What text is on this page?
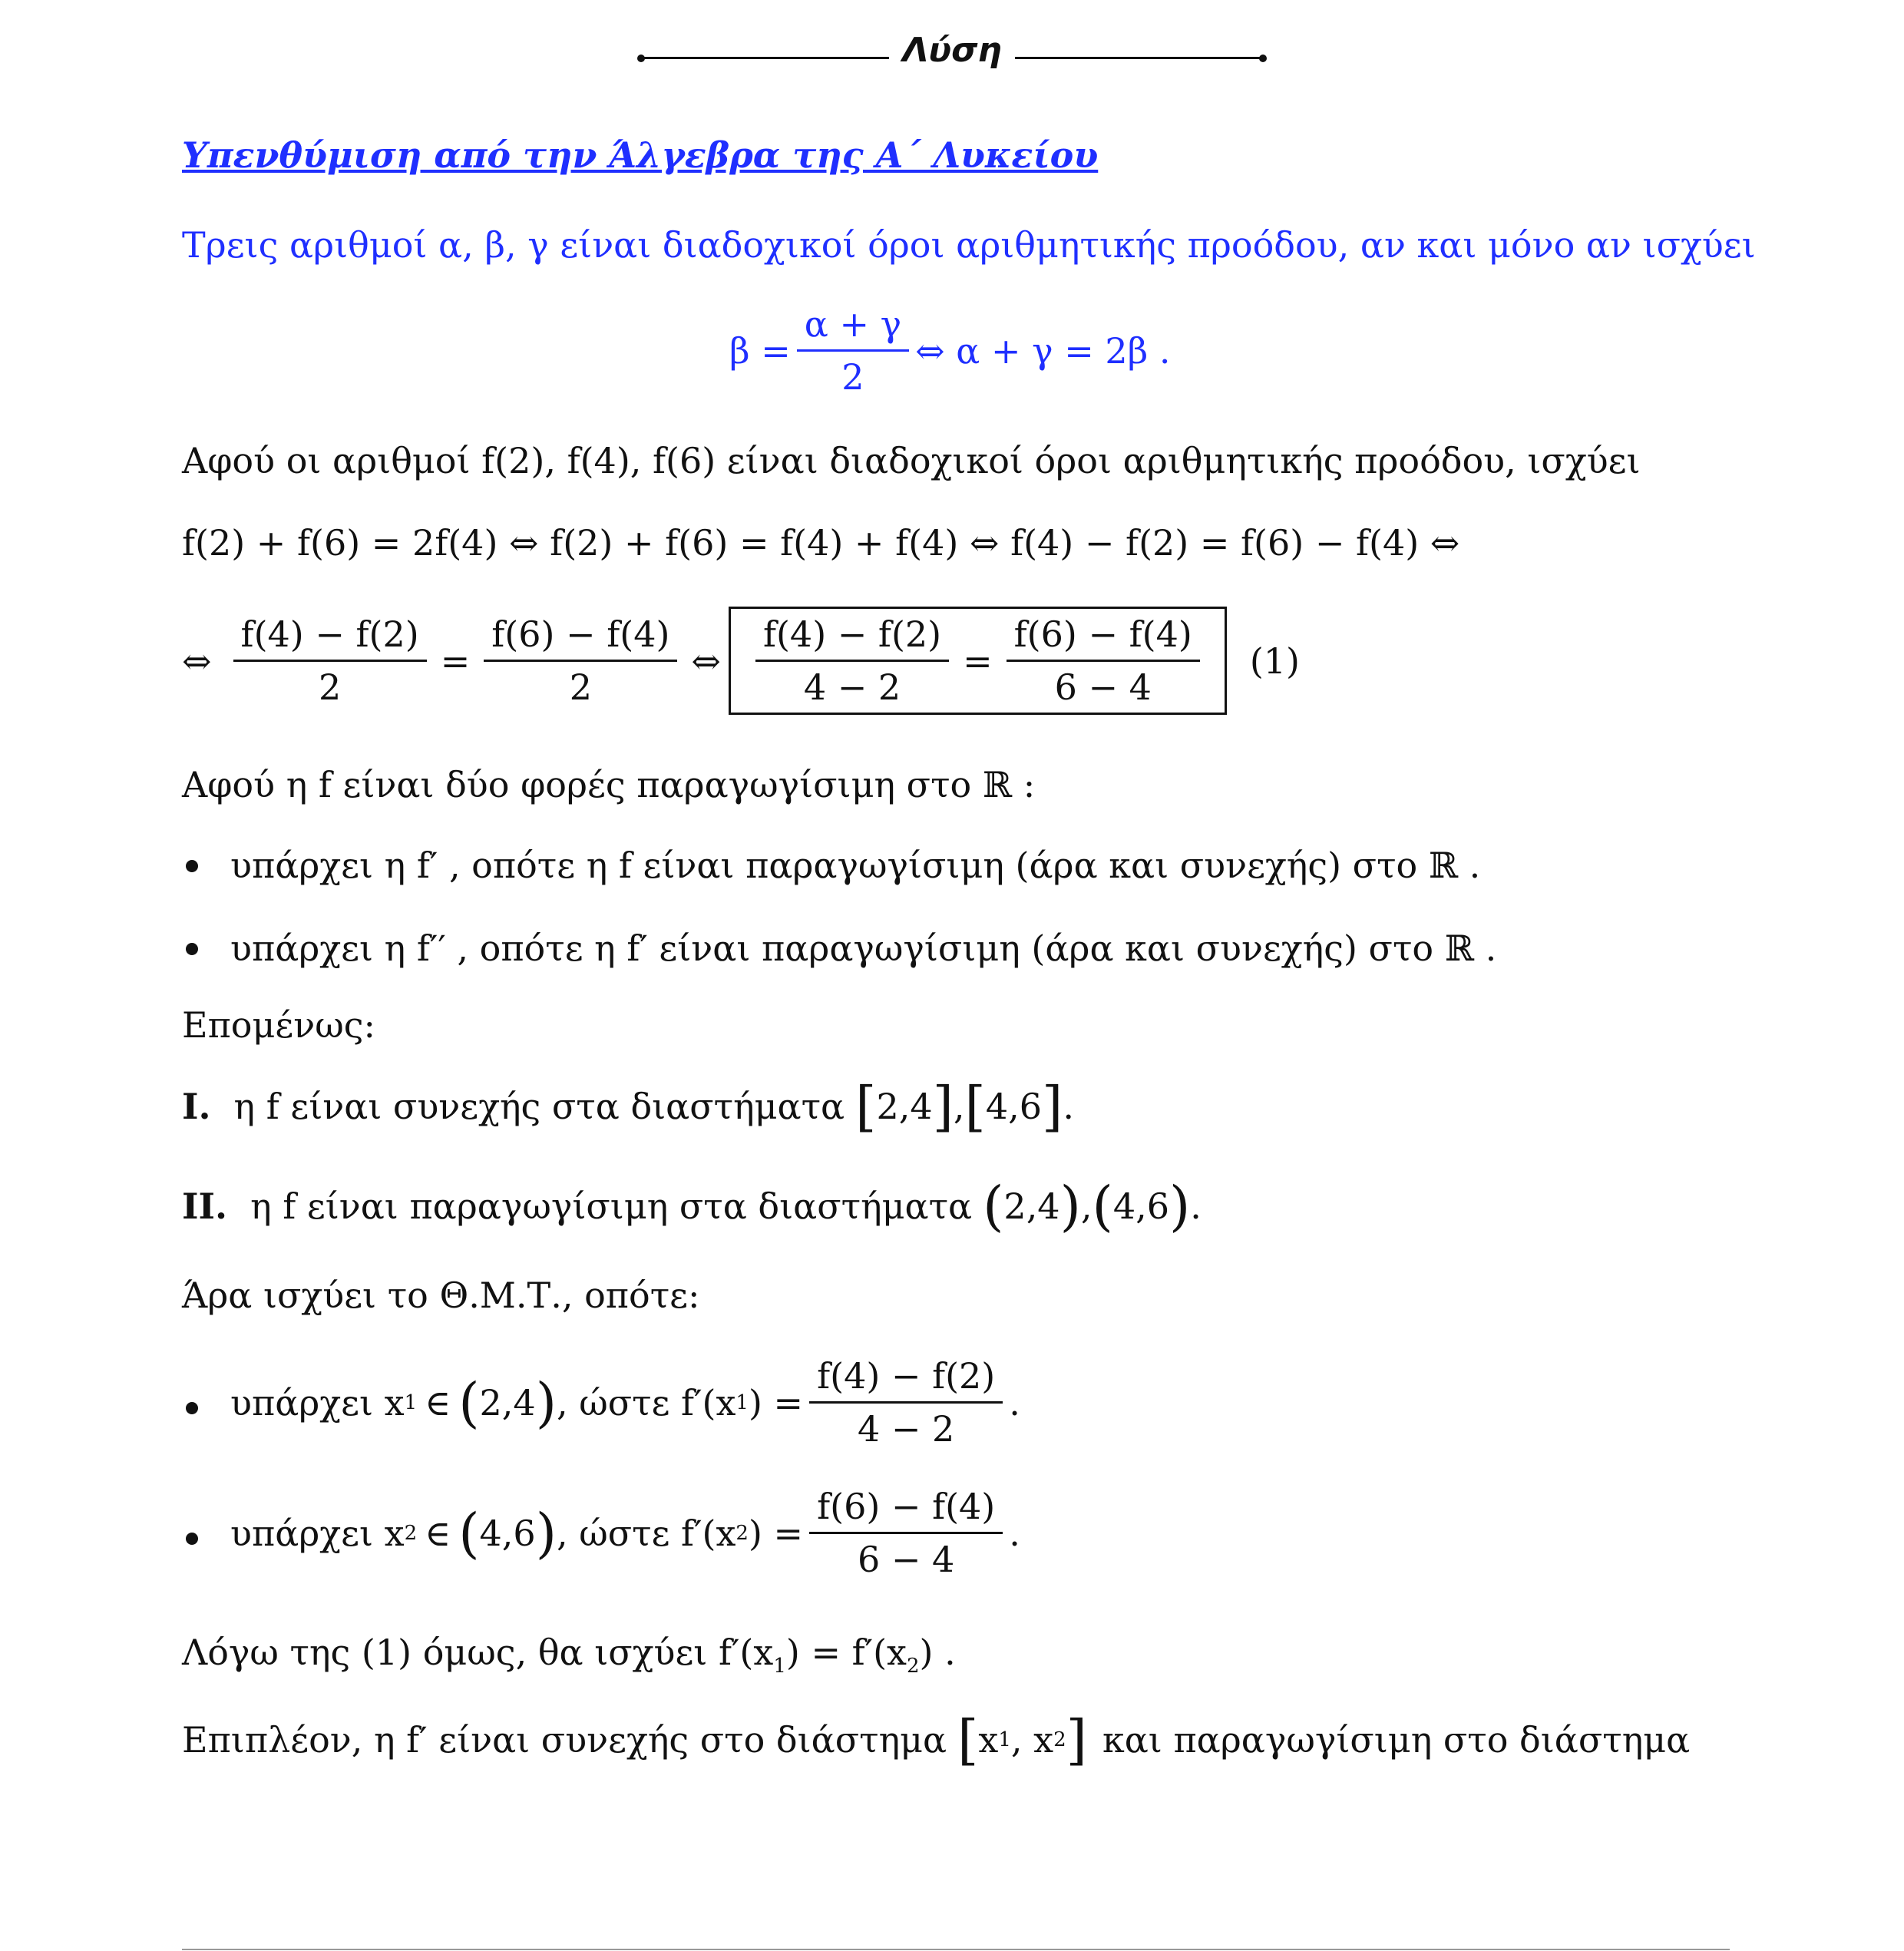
Λύση
Υπενθύμιση από την Άλγεβρα της Α΄ Λυκείου
Τρεις αριθμοί α, β, γ είναι διαδοχικοί όροι αριθμητικής προόδου, αν και μόνο αν ισχύει
$\beta = \frac{\alpha + \gamma}{2}$ ⇔ α + γ = 2β .
Αφού οι αριθμοί f(2), f(4), f(6) είναι διαδοχικοί όροι αριθμητικής προόδου, ισχύει
f(2) + f(6) = 2f(4) ⇔ f(2) + f(6) = f(4) + f(4) ⇔ f(4) − f(2) = f(6) − f(4) ⇔
⇔ $\frac{f(4) - f(2)}{2} = \frac{f(6) - f(4)}{2}$ ⇔ $\frac{f(4) - f(2)}{4 - 2} = \frac{f(6) - f(4)}{6 - 4} (1)$
Αφού η f είναι δύο φορές παραγωγίσιμη στο ℝ :
υπάρχει η f′ , οπότε η f είναι παραγωγίσιμη (άρα και συνεχής) στο ℝ .
υπάρχει η f′′ , οπότε η f′ είναι παραγωγίσιμη (άρα και συνεχής) στο ℝ .
Επομένως:
I. η f είναι συνεχής στα διαστήματα [ 2,4 ] , [ 4,6 ] .
II. η f είναι παραγωγίσιμη στα διαστήματα ( 2,4 ) , ( 4,6 ) .
Άρα ισχύει το Θ.Μ.Τ., οπότε:
υπάρχει x 1 ∈ ( 2,4 ) , ώστε f′(x 1 ) = $\frac{f(4) - f(2)}{4 - 2}$ .
υπάρχει x 2 ∈ ( 4,6 ) , ώστε f′(x 2 ) = $\frac{f(6) - f(4)}{6 - 4}$ .
Λόγω της (1) όμως, θα ισχύει $f'(x_1) = f'(x_2)$ .
Επιπλέον, η f′ είναι συνεχής στο διάστημα [ x 1 , x 2 ] και παραγωγίσιμη στο διάστημα
